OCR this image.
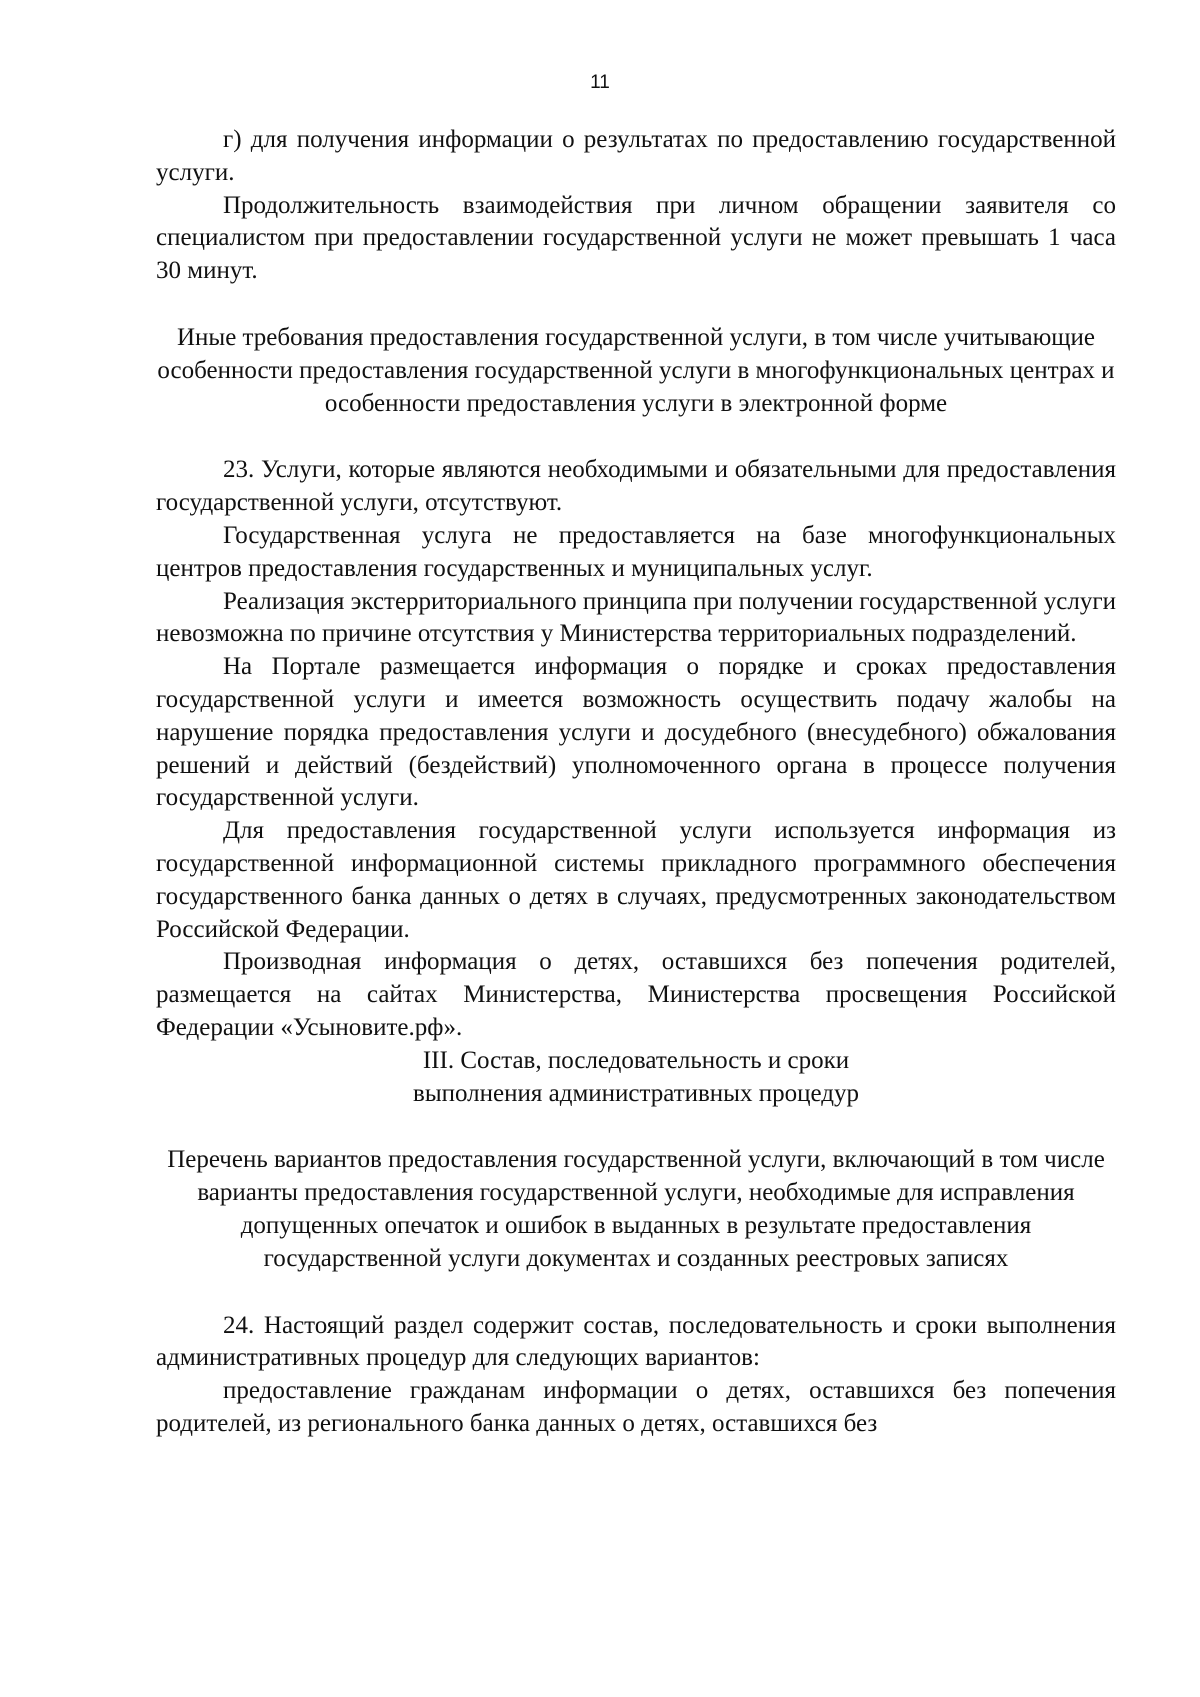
11

г) для получения информации о результатах по предоставлению государственной услуги.

Продолжительность взаимодействия при личном обращении заявителя со специалистом при предоставлении государственной услуги не может превышать 1 часа 30 минут.

Иные требования предоставления государственной услуги, в том числе учитывающие особенности предоставления государственной услуги в многофункциональных центрах и особенности предоставления услуги в электронной форме

23. Услуги, которые являются необходимыми и обязательными для предоставления государственной услуги, отсутствуют.

Государственная услуга не предоставляется на базе многофункциональных центров предоставления государственных и муниципальных услуг.

Реализация экстерриториального принципа при получении государственной услуги невозможна по причине отсутствия у Министерства территориальных подразделений.

На Портале размещается информация о порядке и сроках предоставления государственной услуги и имеется возможность осуществить подачу жалобы на нарушение порядка предоставления услуги и досудебного (внесудебного) обжалования решений и действий (бездействий) уполномоченного органа в процессе получения государственной услуги.

Для предоставления государственной услуги используется информация из государственной информационной системы прикладного программного обеспечения государственного банка данных о детях в случаях, предусмотренных законодательством Российской Федерации.

Производная информация о детях, оставшихся без попечения родителей, размещается на сайтах Министерства, Министерства просвещения Российской Федерации «Усыновите.рф».

III. Состав, последовательность и сроки

выполнения административных процедур

Перечень вариантов предоставления государственной услуги, включающий в том числе варианты предоставления государственной услуги, необходимые для исправления допущенных опечаток и ошибок в выданных в результате предоставления государственной услуги документах и созданных реестровых записях

24. Настоящий раздел содержит состав, последовательность и сроки выполнения административных процедур для следующих вариантов:

предоставление гражданам информации о детях, оставшихся без попечения родителей, из регионального банка данных о детях, оставшихся без
